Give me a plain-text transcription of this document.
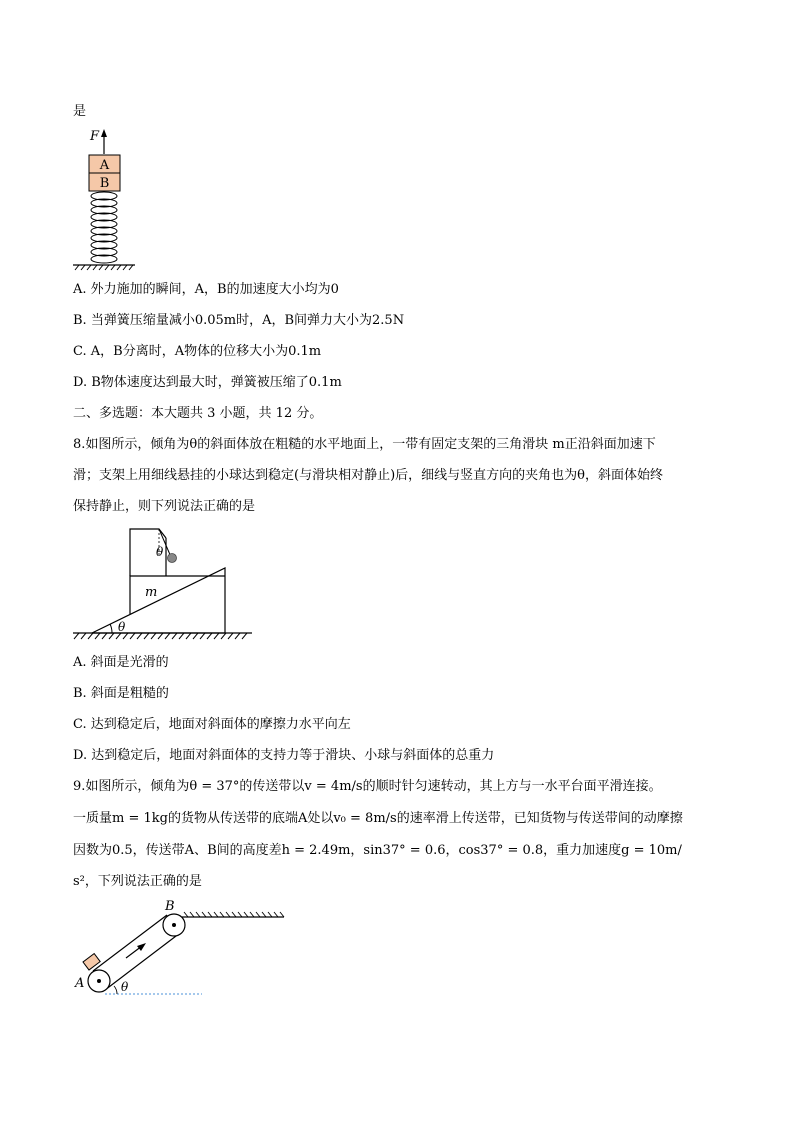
是
F
A
B
A. 外力施加的瞬间，A，B的加速度大小均为0
B. 当弹簧压缩量减小0.05m时，A，B间弹力大小为2.5N
C. A，B分离时，A物体的位移大小为0.1m
D. B物体速度达到最大时，弹簧被压缩了0.1m
二、多选题：本大题共 3 小题，共 12 分。
8.如图所示，倾角为θ的斜面体放在粗糙的水平地面上，一带有固定支架的三角滑块 m正沿斜面加速下
滑；支架上用细线悬挂的小球达到稳定(与滑块相对静止)后，细线与竖直方向的夹角也为θ，斜面体始终
保持静止，则下列说法正确的是
θ
m
θ
A. 斜面是光滑的
B. 斜面是粗糙的
C. 达到稳定后，地面对斜面体的摩擦力水平向左
D. 达到稳定后，地面对斜面体的支持力等于滑块、小球与斜面体的总重力
9.如图所示，倾角为θ = 37°的传送带以v = 4m/s的顺时针匀速转动，其上方与一水平台面平滑连接。
一质量m = 1kg的货物从传送带的底端A处以v₀ = 8m/s的速率滑上传送带，已知货物与传送带间的动摩擦
因数为0.5，传送带A、B间的高度差h = 2.49m，sin37° = 0.6，cos37° = 0.8，重力加速度g = 10m/
s²，下列说法正确的是
θ
A
B
